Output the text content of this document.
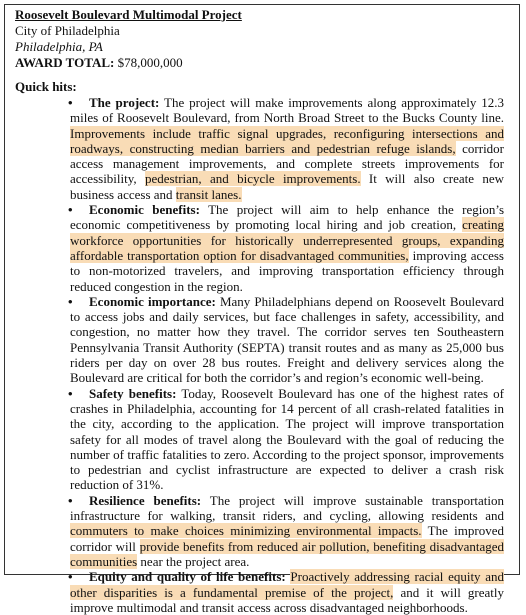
Roosevelt Boulevard Multimodal Project
City of Philadelphia
Philadelphia, PA
AWARD TOTAL: $78,000,000
Quick hits:
•	The project: The project will make improvements along approximately 12.3 miles of Roosevelt Boulevard, from North Broad Street to the Bucks County line. Improvements include traffic signal upgrades, reconfiguring intersections and roadways, constructing median barriers and pedestrian refuge islands, corridor access management improvements, and complete streets improvements for accessibility, pedestrian, and bicycle improvements. It will also create new business access and transit lanes.
•	Economic benefits: The project will aim to help enhance the region’s economic competitiveness by promoting local hiring and job creation, creating workforce opportunities for historically underrepresented groups, expanding affordable transportation option for disadvantaged communities, improving access to non-motorized travelers, and improving transportation efficiency through reduced congestion in the region.
•	Economic importance: Many Philadelphians depend on Roosevelt Boulevard to access jobs and daily services, but face challenges in safety, accessibility, and congestion, no matter how they travel. The corridor serves ten Southeastern Pennsylvania Transit Authority (SEPTA) transit routes and as many as 25,000 bus riders per day on over 28 bus routes. Freight and delivery services along the Boulevard are critical for both the corridor’s and region’s economic well-being.
•	Safety benefits: Today, Roosevelt Boulevard has one of the highest rates of crashes in Philadelphia, accounting for 14 percent of all crash-related fatalities in the city, according to the application. The project will improve transportation safety for all modes of travel along the Boulevard with the goal of reducing the number of traffic fatalities to zero. According to the project sponsor, improvements to pedestrian and cyclist infrastructure are expected to deliver a crash risk reduction of 31%.
•	Resilience benefits: The project will improve sustainable transportation infrastructure for walking, transit riders, and cycling, allowing residents and commuters to make choices minimizing environmental impacts. The improved corridor will provide benefits from reduced air pollution, benefiting disadvantaged communities near the project area.
•	Equity and quality of life benefits: Proactively addressing racial equity and other disparities is a fundamental premise of the project, and it will greatly improve multimodal and transit access across disadvantaged neighborhoods.
